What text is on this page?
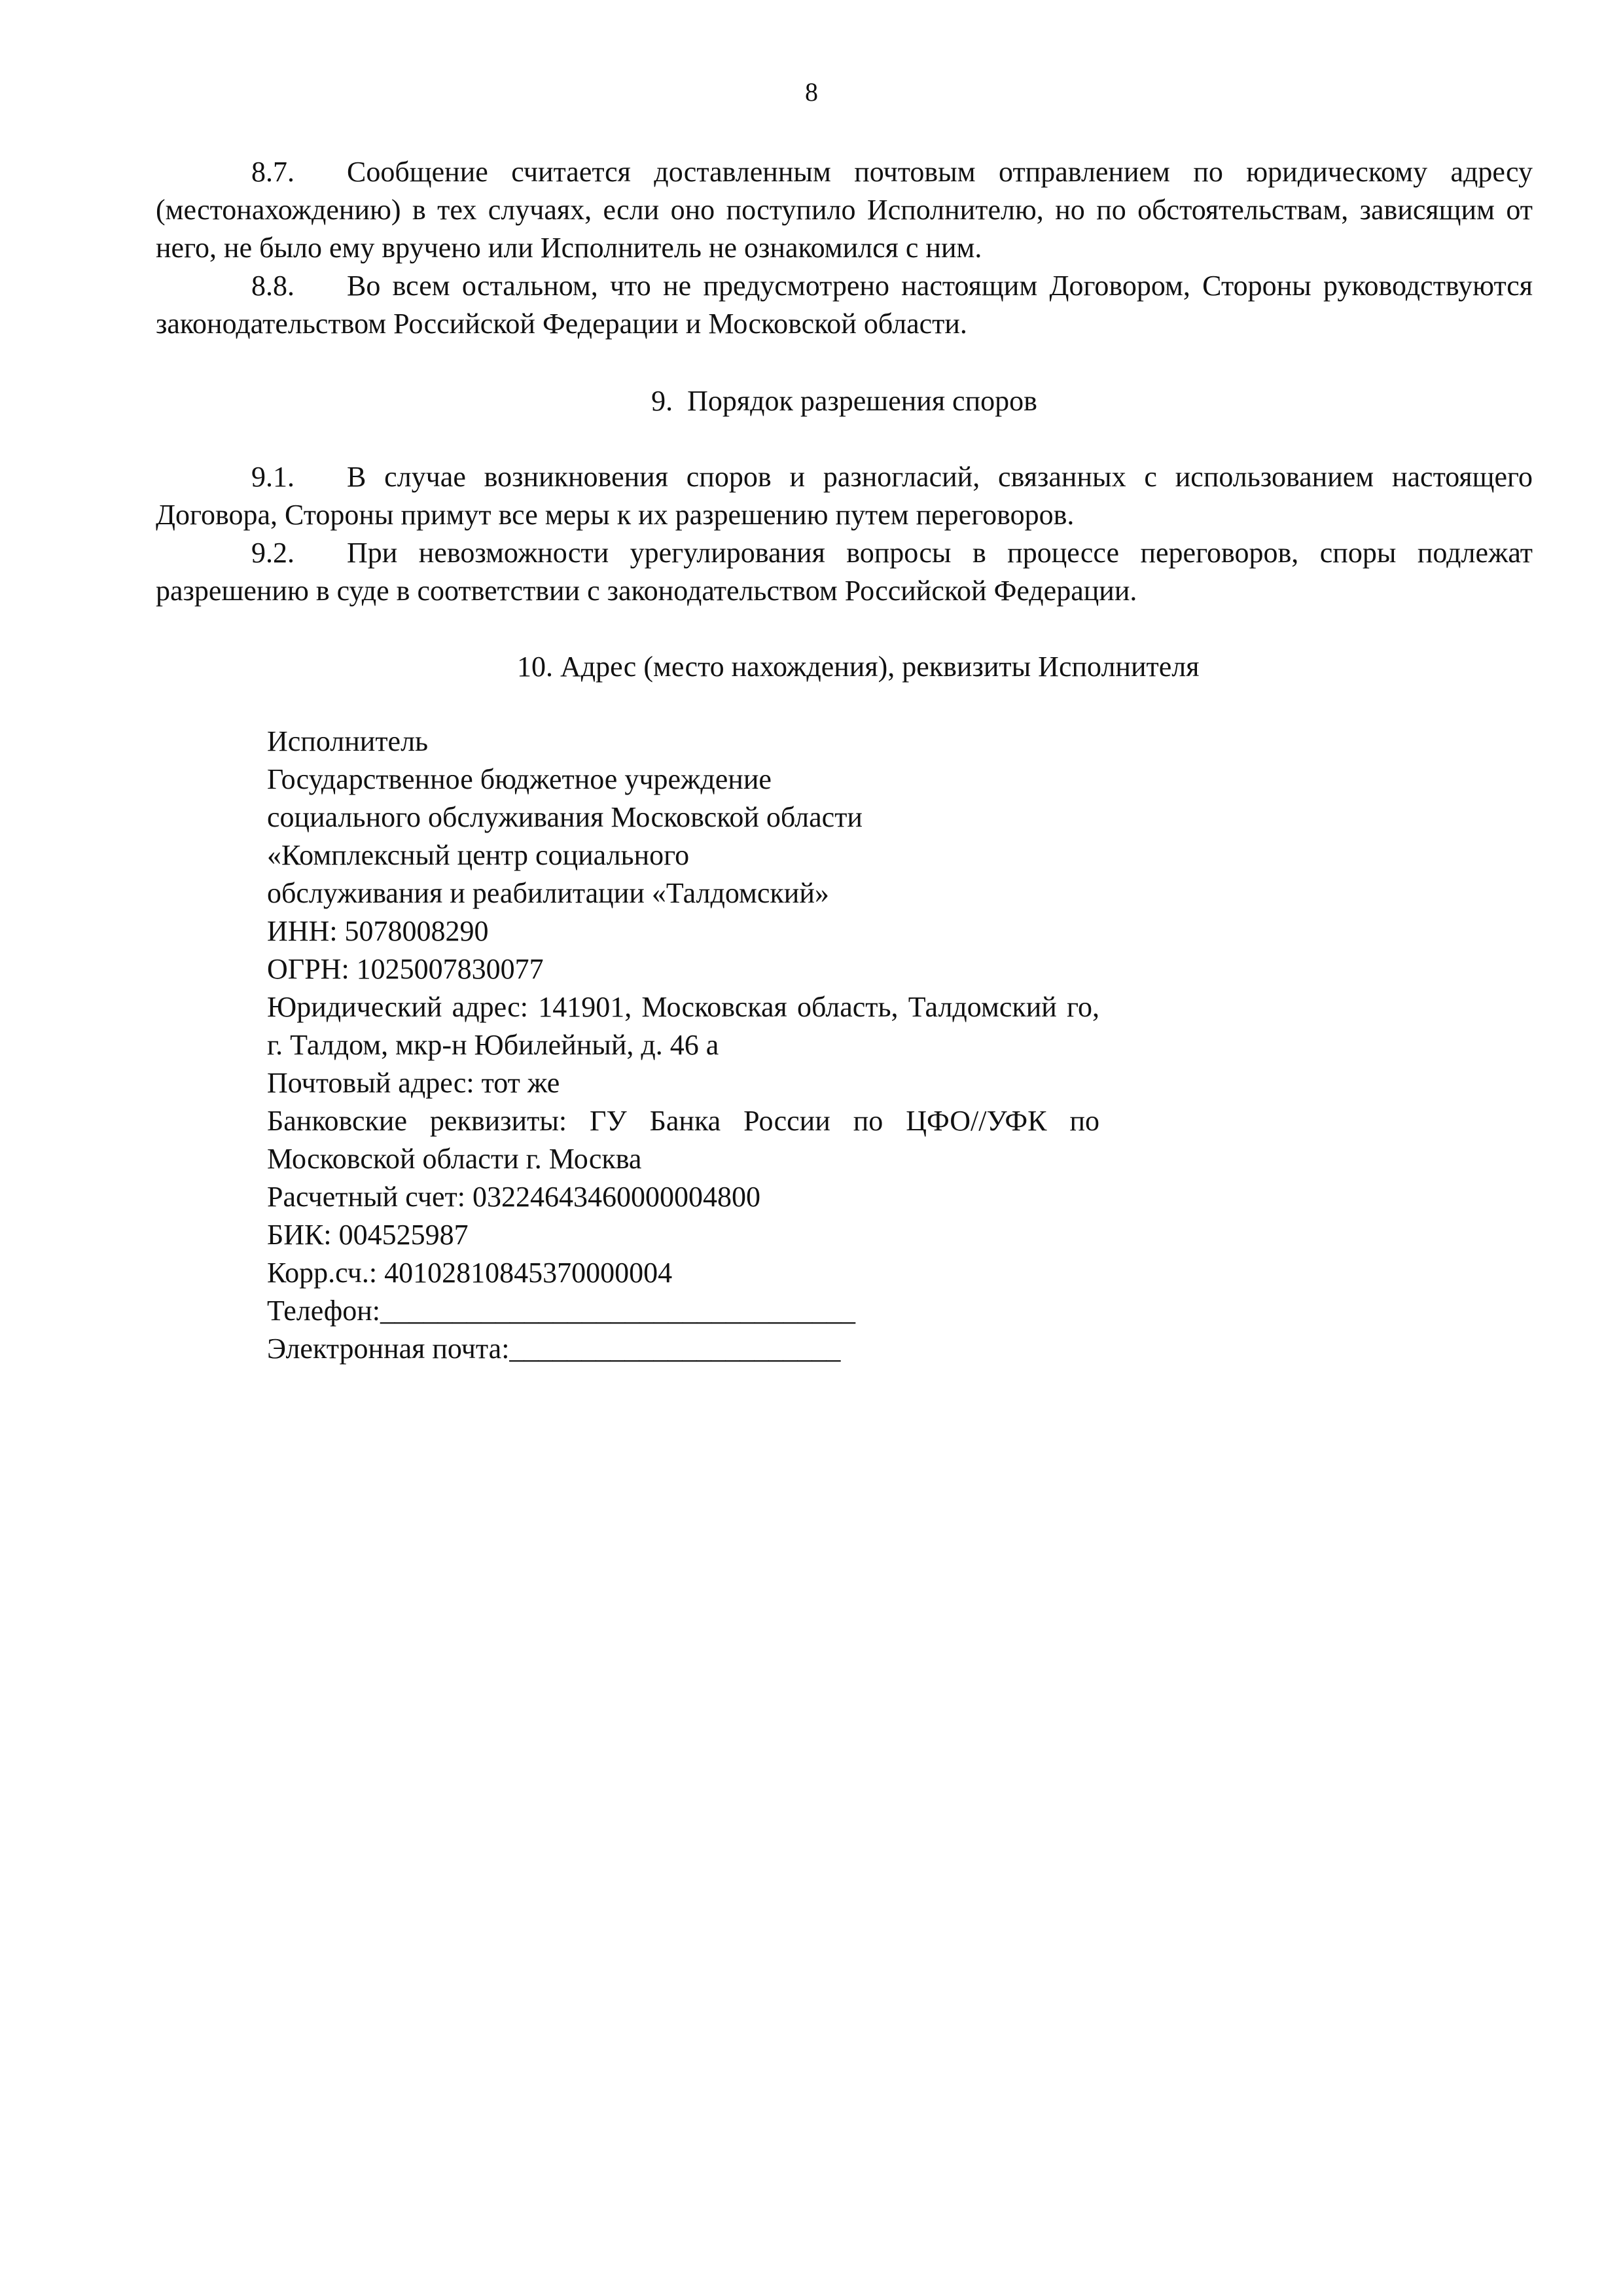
8

8.7. Сообщение считается доставленным почтовым отправлением по юридическому адресу (местонахождению) в тех случаях, если оно поступило Исполнителю, но по обстоятельствам, зависящим от него, не было ему вручено или Исполнитель не ознакомился с ним.

8.8. Во всем остальном, что не предусмотрено настоящим Договором, Стороны руководствуются законодательством Российской Федерации и Московской области.

9. Порядок разрешения споров

9.1. В случае возникновения споров и разногласий, связанных с использованием настоящего Договора, Стороны примут все меры к их разрешению путем переговоров.

9.2. При невозможности урегулирования вопросы в процессе переговоров, споры подлежат разрешению в суде в соответствии с законодательством Российской Федерации.

10. Адрес (место нахождения), реквизиты Исполнителя

Исполнитель

Государственное бюджетное учреждение

социального обслуживания Московской области

«Комплексный центр социального

обслуживания и реабилитации «Талдомский»

ИНН: 5078008290

ОГРН: 1025007830077

Юридический адрес: 141901, Московская область, Талдомский го, г. Талдом, мкр-н Юбилейный, д. 46 а

Почтовый адрес: тот же

Банковские реквизиты: ГУ Банка России по ЦФО//УФК по Московской области г. Москва

Расчетный счет: 03224643460000004800

БИК: 004525987

Корр.сч.: 40102810845370000004

Телефон:_________________________________

Электронная почта:_______________________
